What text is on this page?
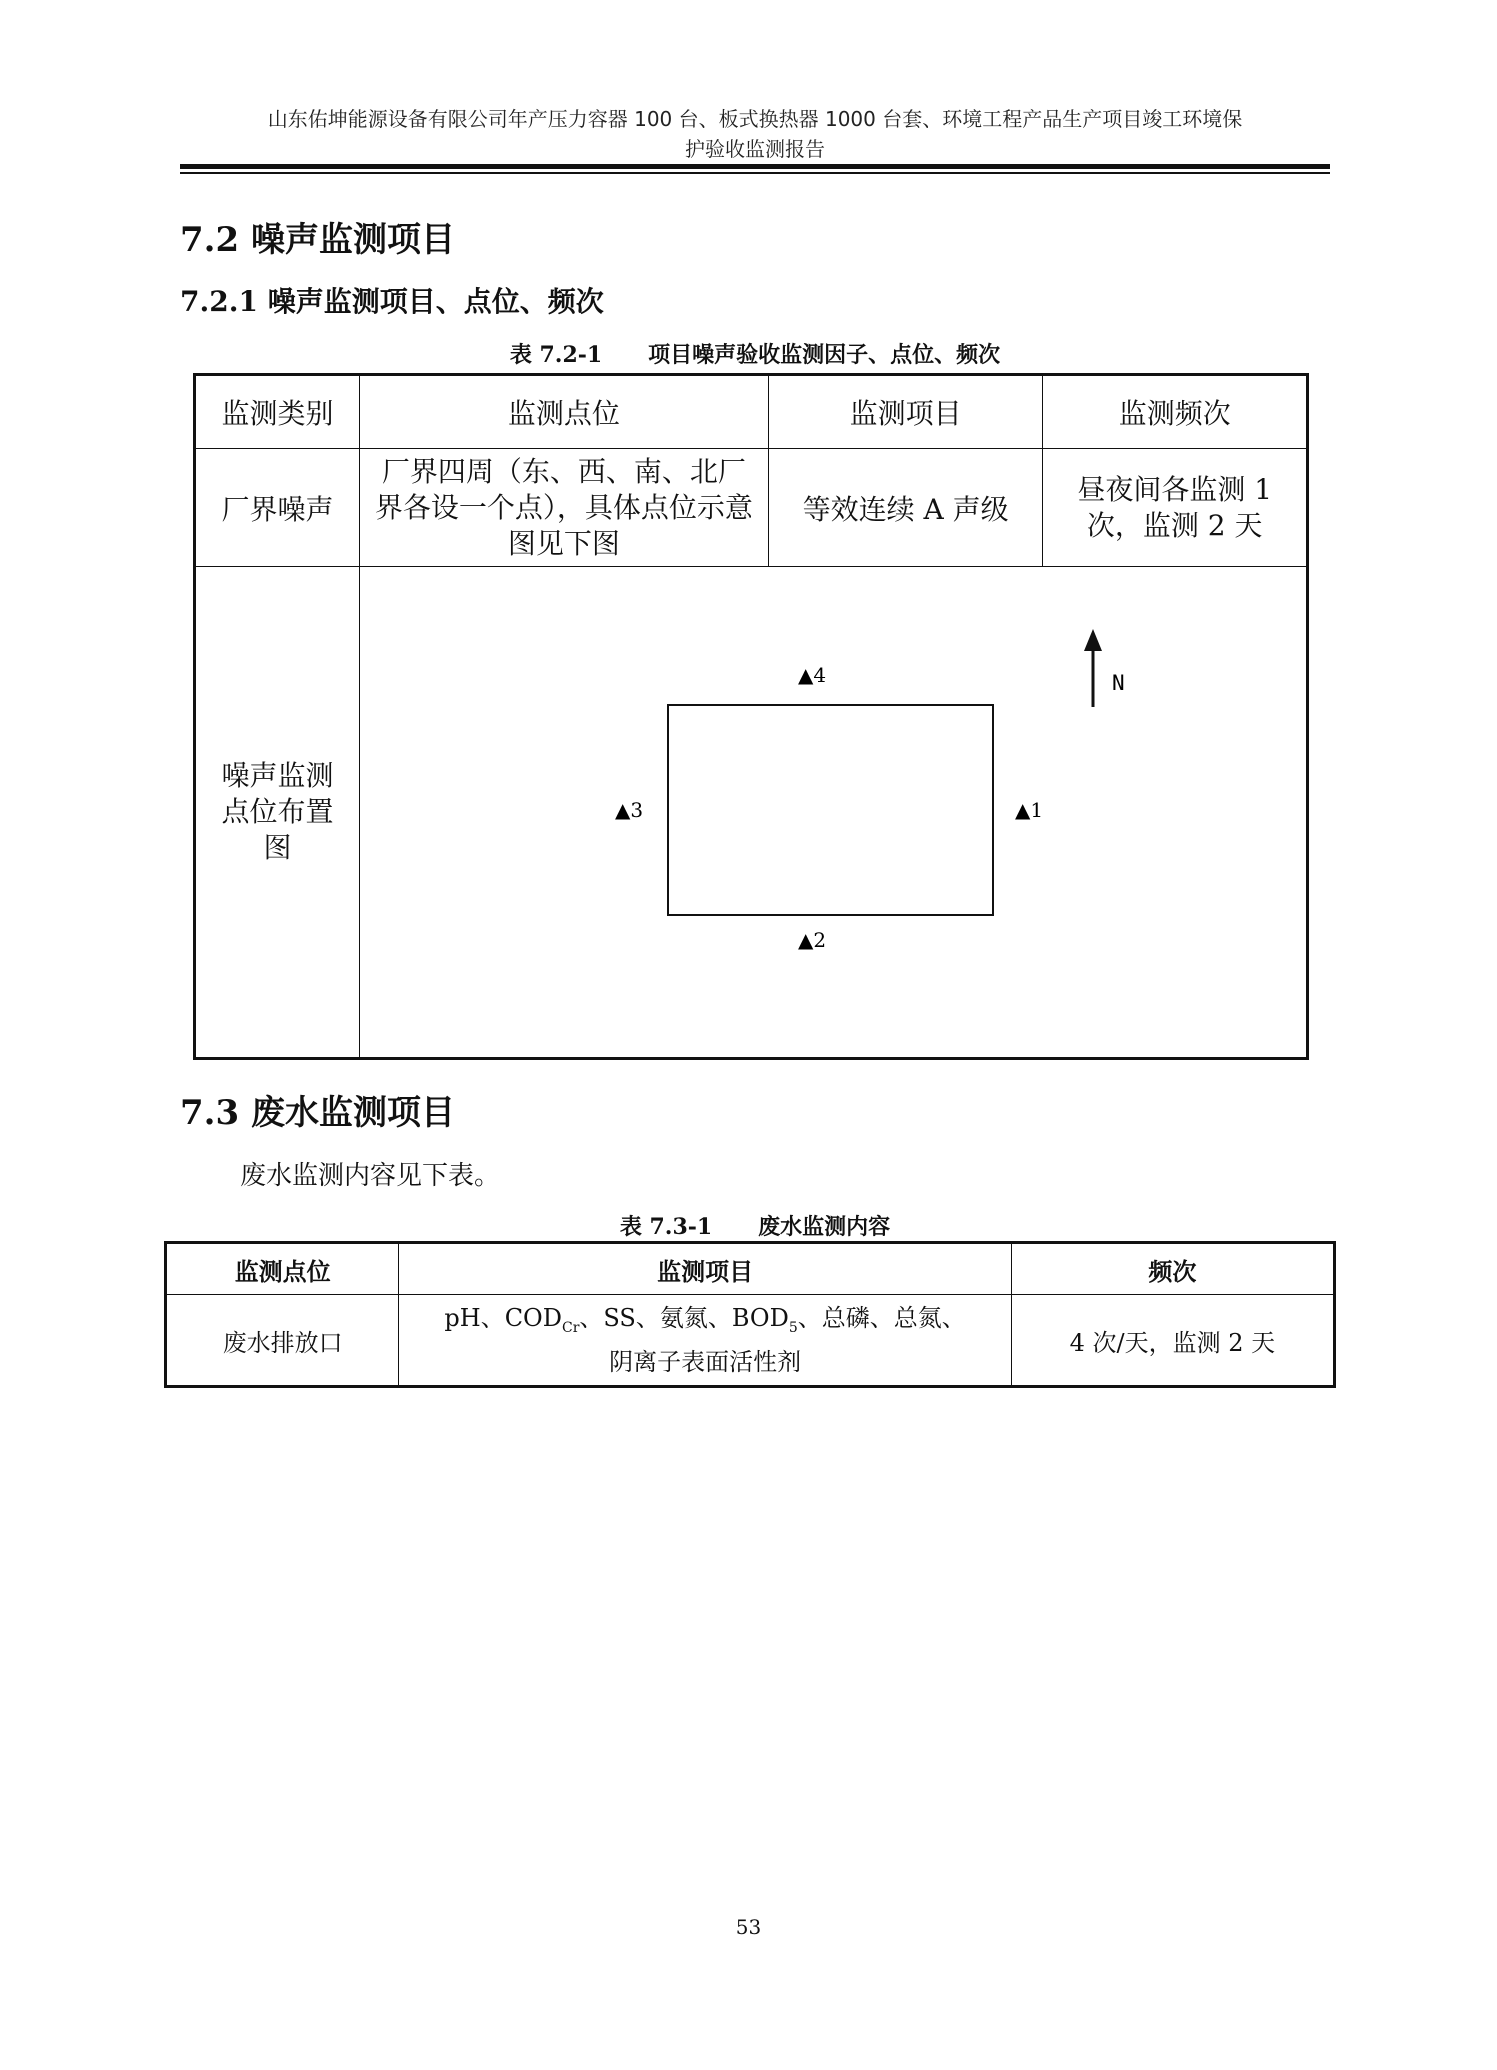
山东佑坤能源设备有限公司年产压力容器 100 台、板式换热器 1000 台套、环境工程产品生产项目竣工环境保
护验收监测报告
7.2 噪声监测项目
7.2.1 噪声监测项目、点位、频次
表 7.2-1      项目噪声验收监测因子、点位、频次
监测类别	监测点位	监测项目	监测频次
厂界噪声	厂界四周（东、西、南、北厂界各设一个点），具体点位示意图见下图	等效连续 A 声级	昼夜间各监测 1 次，监测 2 天
噪声监测点位布置图	▲4
▲1
▲3
▲2
N		
7.3 废水监测项目
废水监测内容见下表。
表 7.3-1      废水监测内容
监测点位	监测项目	频次
废水排放口	pH、$COD_{Cr}$、SS、氨氮、$BOD_5$、总磷、总氮、
阴离子表面活性剂	4 次/天，监测 2 天
53
